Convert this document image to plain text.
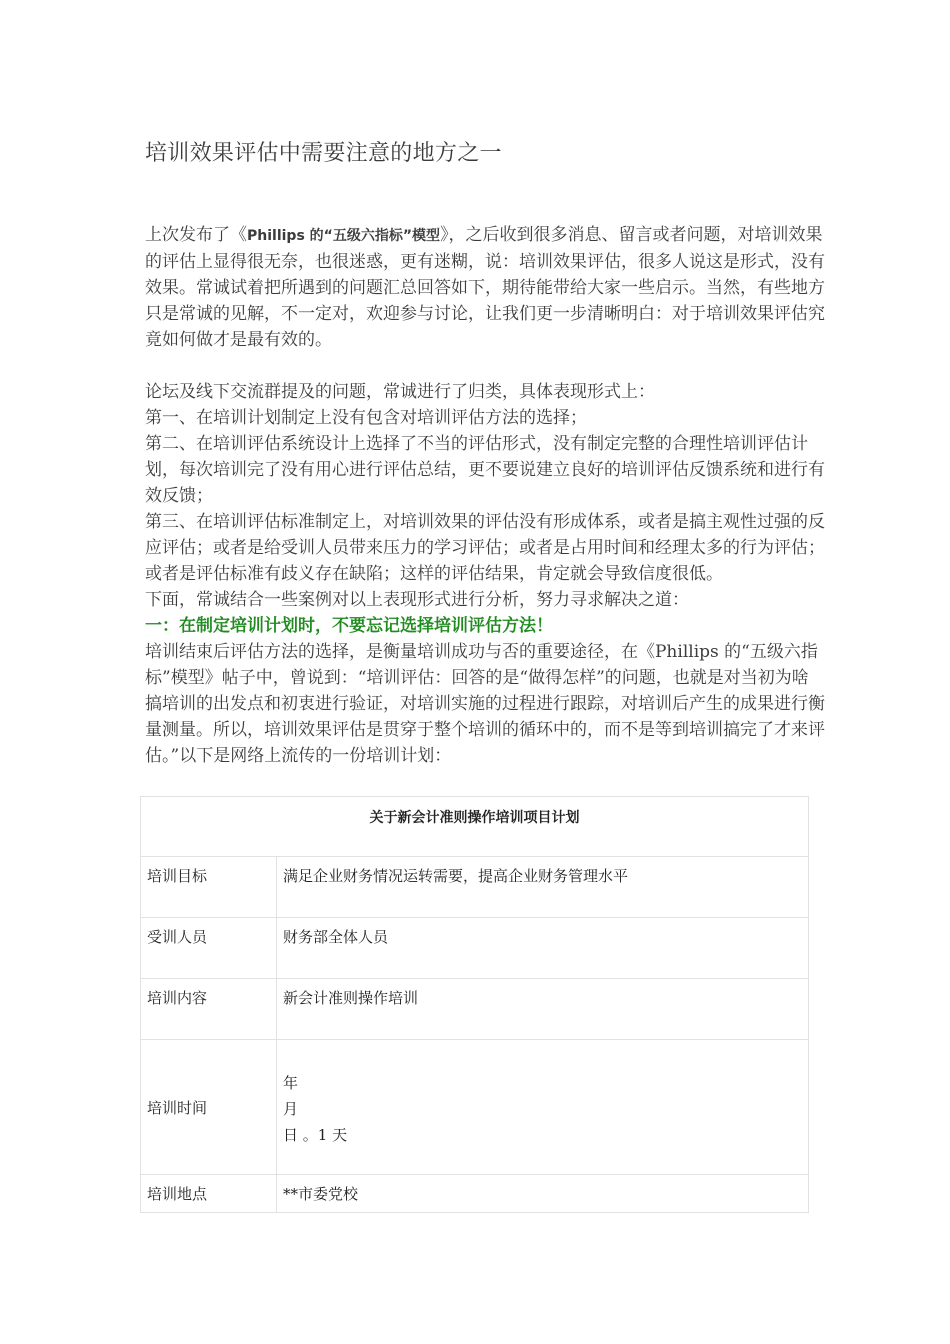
培训效果评估中需要注意的地方之一

上次发布了《Phillips 的“五级六指标”模型》，之后收到很多消息、留言或者问题，对培训效果的评估上显得很无奈，也很迷惑，更有迷糊，说：培训效果评估，很多人说这是形式，没有效果。常诚试着把所遇到的问题汇总回答如下，期待能带给大家一些启示。当然，有些地方只是常诚的见解，不一定对，欢迎参与讨论，让我们更一步清晰明白：对于培训效果评估究竟如何做才是最有效的。

论坛及线下交流群提及的问题，常诚进行了归类，具体表现形式上：

第一、在培训计划制定上没有包含对培训评估方法的选择；

第二、在培训评估系统设计上选择了不当的评估形式，没有制定完整的合理性培训评估计划，每次培训完了没有用心进行评估总结，更不要说建立良好的培训评估反馈系统和进行有效反馈；

第三、在培训评估标准制定上，对培训效果的评估没有形成体系，或者是搞主观性过强的反应评估；或者是给受训人员带来压力的学习评估；或者是占用时间和经理太多的行为评估；或者是评估标准有歧义存在缺陷；这样的评估结果，肯定就会导致信度很低。

下面，常诚结合一些案例对以上表现形式进行分析，努力寻求解决之道：

一：在制定培训计划时，不要忘记选择培训评估方法！

培训结束后评估方法的选择，是衡量培训成功与否的重要途径，在《Phillips 的“五级六指标”模型》帖子中，曾说到：“培训评估：回答的是“做得怎样”的问题，也就是对当初为啥搞培训的出发点和初衷进行验证，对培训实施的过程进行跟踪，对培训后产生的成果进行衡量测量。所以，培训效果评估是贯穿于整个培训的循环中的，而不是等到培训搞完了才来评估。”以下是网络上流传的一份培训计划：

关于新会计准则操作培训项目计划	
培训目标	满足企业财务情况运转需要，提高企业财务管理水平
受训人员	财务部全体人员
培训内容	新会计准则操作培训
培训时间	年
月
日 。1 天

培训地点	**市委党校
